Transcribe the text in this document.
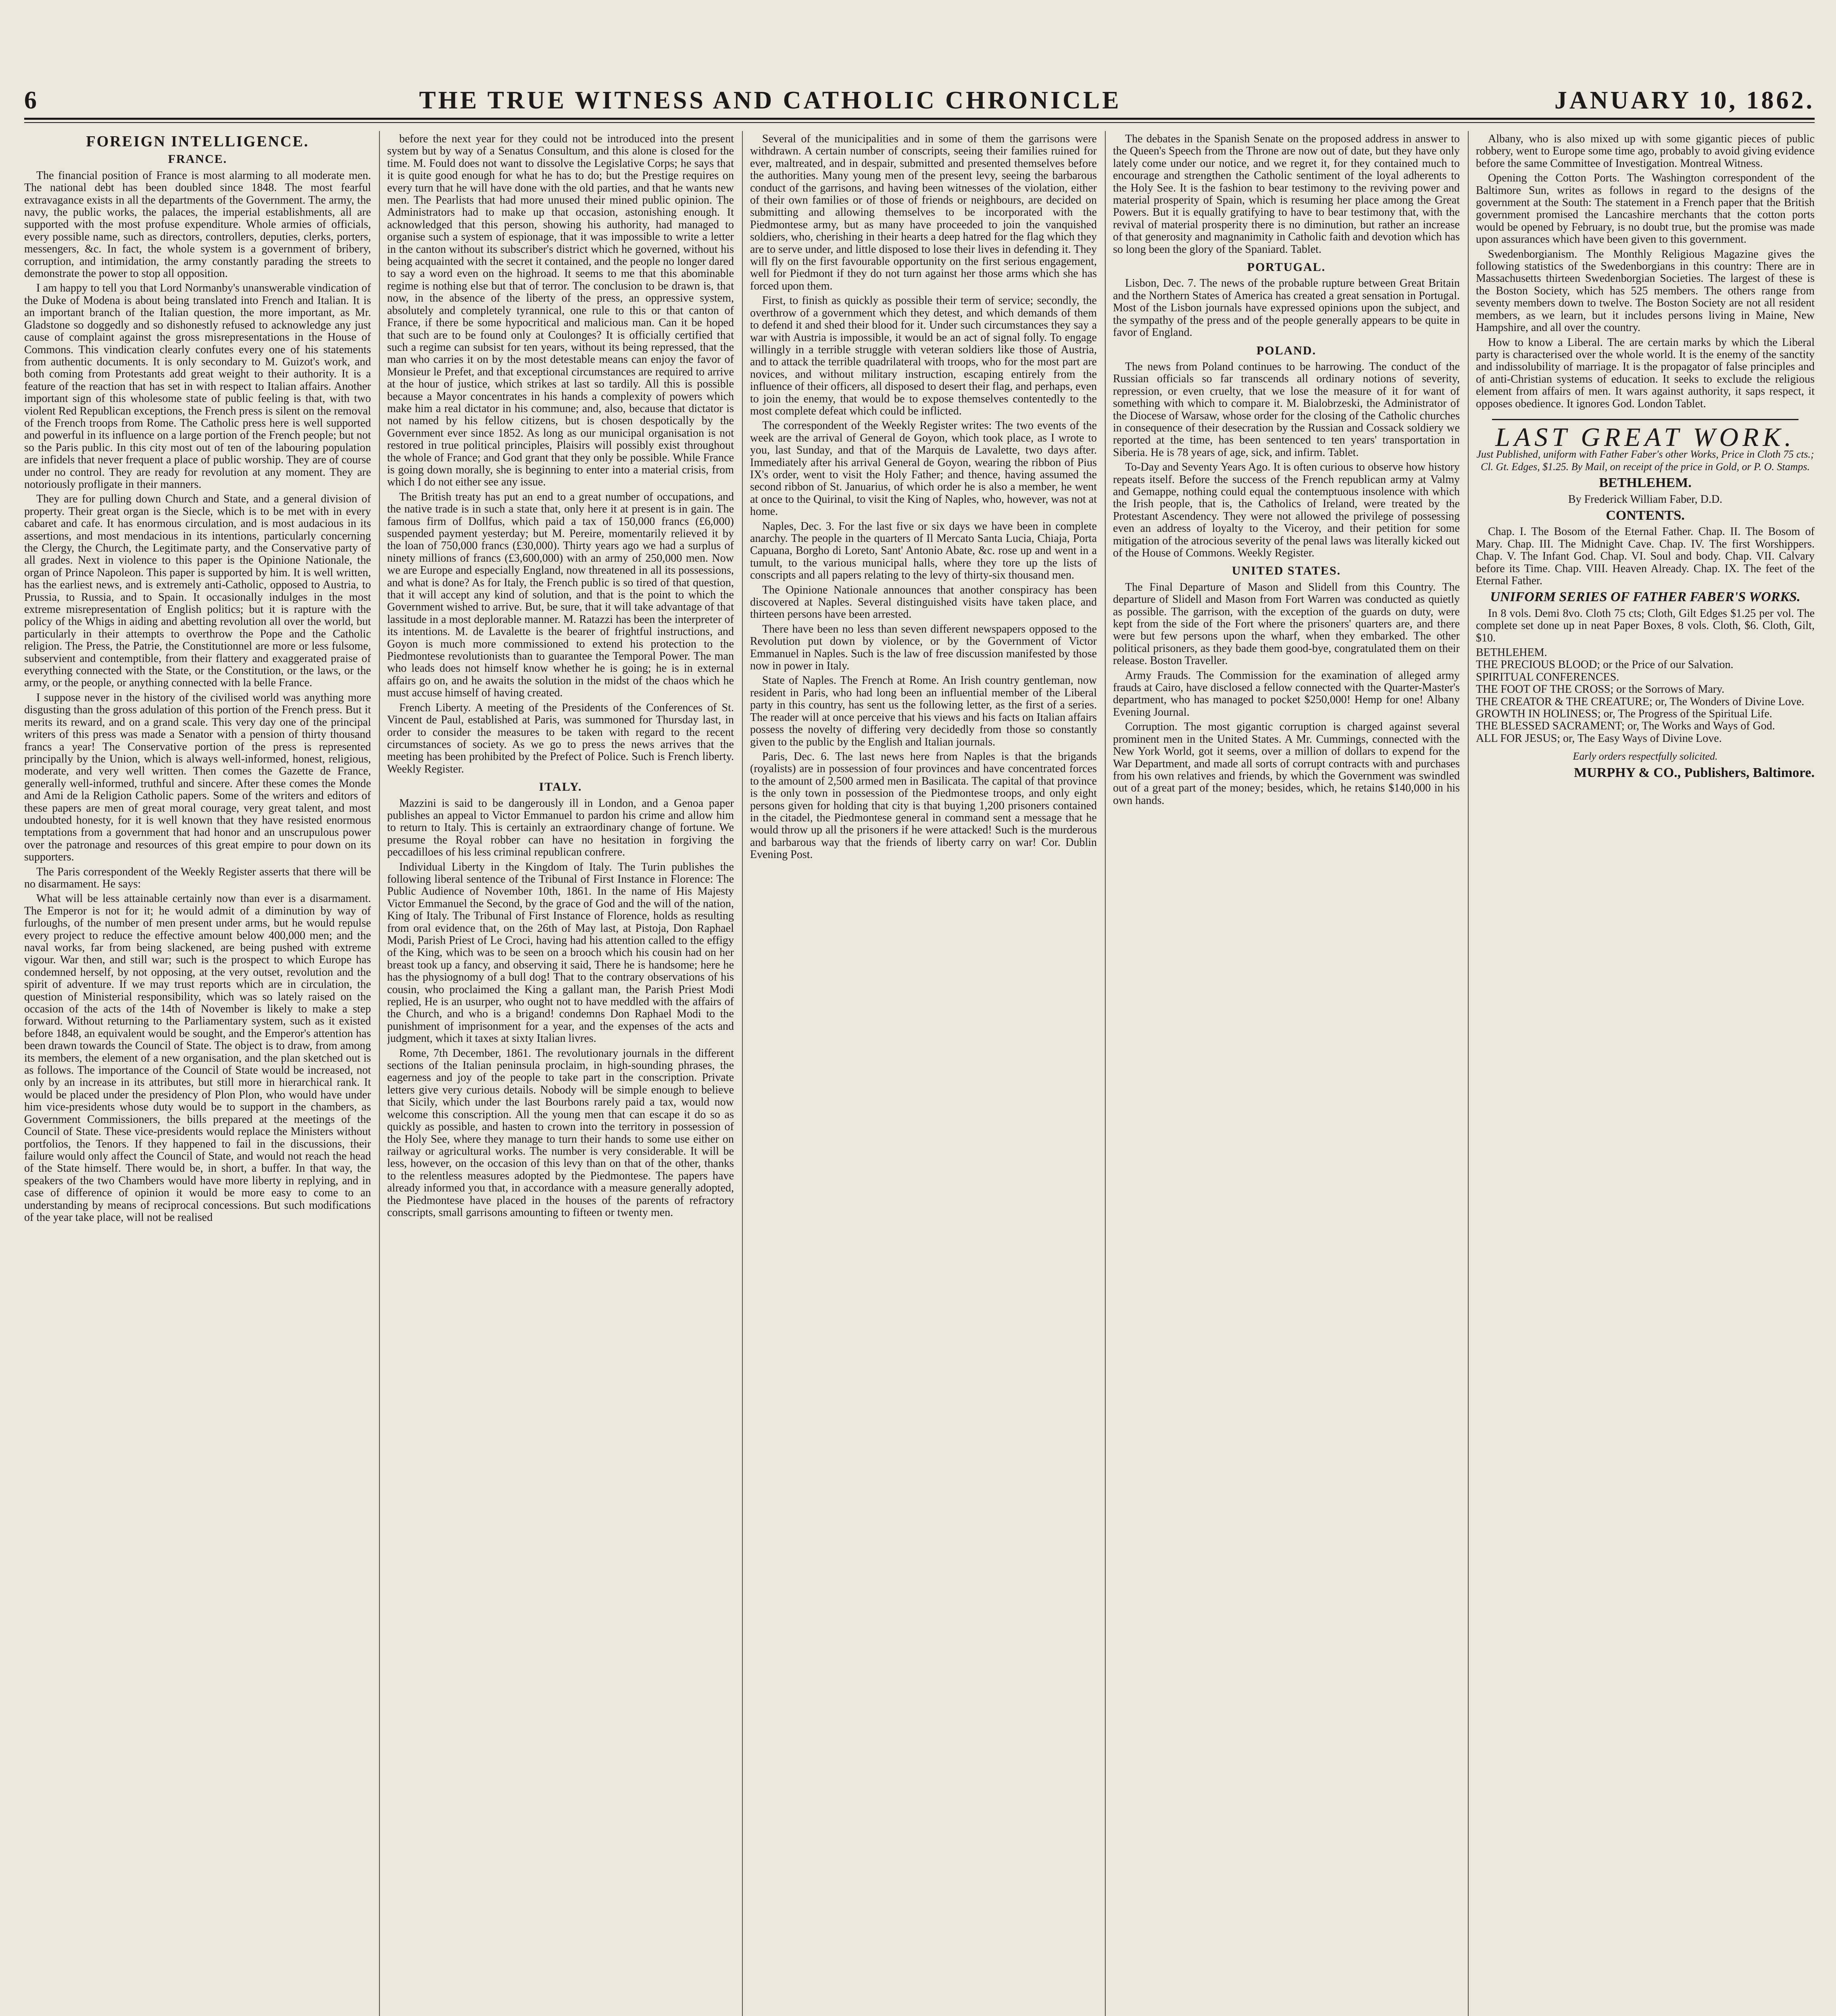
6	THE TRUE WITNESS AND CATHOLIC CHRONICLE	JANUARY 10, 1862.
FOREIGN INTELLIGENCE.
FRANCE.

The financial position of France is most alarming to all moderate men. The national debt has been doubled since 1848. The most fearful extravagance exists in all the departments of the Government. The army, the navy, the public works, the palaces, the imperial establishments, all are supported with the most profuse expenditure. Whole armies of officials, every possible name, such as directors, controllers, deputies, clerks, porters, messengers, &c. In fact, the whole system is a government of bribery, corruption, and intimidation, the army constantly parading the streets to demonstrate the power to stop all opposition.

I am happy to tell you that Lord Normanby's unanswerable vindication of the Duke of Modena is about being translated into French and Italian. It is an important branch of the Italian question, the more important, as Mr. Gladstone so doggedly and so dishonestly refused to acknowledge any just cause of complaint against the gross misrepresentations in the House of Commons. This vindication clearly confutes every one of his statements from authentic documents. It is only secondary to M. Guizot's work, and both coming from Protestants add great weight to their authority. It is a feature of the reaction that has set in with respect to Italian affairs. Another important sign of this wholesome state of public feeling is that, with two violent Red Republican exceptions, the French press is silent on the removal of the French troops from Rome. The Catholic press here is well supported and powerful in its influence on a large portion of the French people; but not so the Paris public. In this city most out of ten of the labouring population are infidels that never frequent a place of public worship. They are of course under no control. They are ready for revolution at any moment. They are notoriously profligate in their manners.

They are for pulling down Church and State, and a general division of property. Their great organ is the Siecle, which is to be met with in every cabaret and cafe. It has enormous circulation, and is most audacious in its assertions, and most mendacious in its intentions, particularly concerning the Clergy, the Church, the Legitimate party, and the Conservative party of all grades. Next in violence to this paper is the Opinione Nationale, the organ of Prince Napoleon. This paper is supported by him. It is well written, has the earliest news, and is extremely anti-Catholic, opposed to Austria, to Prussia, to Russia, and to Spain. It occasionally indulges in the most extreme misrepresentation of English politics; but it is rapture with the policy of the Whigs in aiding and abetting revolution all over the world, but particularly in their attempts to overthrow the Pope and the Catholic religion. The Press, the Patrie, the Constitutionnel are more or less fulsome, subservient and contemptible, from their flattery and exaggerated praise of everything connected with the State, or the Constitution, or the laws, or the army, or the people, or anything connected with la belle France.

I suppose never in the history of the civilised world was anything more disgusting than the gross adulation of this portion of the French press. But it merits its reward, and on a grand scale. This very day one of the principal writers of this press was made a Senator with a pension of thirty thousand francs a year! The Conservative portion of the press is represented principally by the Union, which is always well-informed, honest, religious, moderate, and very well written. Then comes the Gazette de France, generally well-informed, truthful and sincere. After these comes the Monde and Ami de la Religion Catholic papers. Some of the writers and editors of these papers are men of great moral courage, very great talent, and most undoubted honesty, for it is well known that they have resisted enormous temptations from a government that had honor and an unscrupulous power over the patronage and resources of this great empire to pour down on its supporters.

The Paris correspondent of the Weekly Register asserts that there will be no disarmament. He says:

What will be less attainable certainly now than ever is a disarmament. The Emperor is not for it; he would admit of a diminution by way of furloughs, of the number of men present under arms, but he would repulse every project to reduce the effective amount below 400,000 men; and the naval works, far from being slackened, are being pushed with extreme vigour. War then, and still war; such is the prospect to which Europe has condemned herself, by not opposing, at the very outset, revolution and the spirit of adventure. If we may trust reports which are in circulation, the question of Ministerial responsibility, which was so lately raised on the occasion of the acts of the 14th of November is likely to make a step forward. Without returning to the Parliamentary system, such as it existed before 1848, an equivalent would be sought, and the Emperor's attention has been drawn towards the Council of State. The object is to draw, from among its members, the element of a new organisation, and the plan sketched out is as follows. The importance of the Council of State would be increased, not only by an increase in its attributes, but still more in hierarchical rank. It would be placed under the presidency of Plon Plon, who would have under him vice-presidents whose duty would be to support in the chambers, as Government Commissioners, the bills prepared at the meetings of the Council of State. These vice-presidents would replace the Ministers without portfolios, the Tenors. If they happened to fail in the discussions, their failure would only affect the Council of State, and would not reach the head of the State himself. There would be, in short, a buffer. In that way, the speakers of the two Chambers would have more liberty in replying, and in case of difference of opinion it would be more easy to come to an understanding by means of reciprocal concessions. But such modifications of the year take place, will not be realised

before the next year for they could not be introduced into the present system but by way of a Senatus Consultum, and this alone is closed for the time. M. Fould does not want to dissolve the Legislative Corps; he says that it is quite good enough for what he has to do; but the Prestige requires on every turn that he will have done with the old parties, and that he wants new men. The Pearlists that had more unused their mined public opinion. The Administrators had to make up that occasion, astonishing enough. It acknowledged that this person, showing his authority, had managed to organise such a system of espionage, that it was impossible to write a letter in the canton without its subscriber's district which he governed, without his being acquainted with the secret it contained, and the people no longer dared to say a word even on the highroad. It seems to me that this abominable regime is nothing else but that of terror. The conclusion to be drawn is, that now, in the absence of the liberty of the press, an oppressive system, absolutely and completely tyrannical, one rule to this or that canton of France, if there be some hypocritical and malicious man. Can it be hoped that such are to be found only at Coulonges? It is officially certified that such a regime can subsist for ten years, without its being repressed, that the man who carries it on by the most detestable means can enjoy the favor of Monsieur le Prefet, and that exceptional circumstances are required to arrive at the hour of justice, which strikes at last so tardily. All this is possible because a Mayor concentrates in his hands a complexity of powers which make him a real dictator in his commune; and, also, because that dictator is not named by his fellow citizens, but is chosen despotically by the Government ever since 1852. As long as our municipal organisation is not restored in true political principles, Plaisirs will possibly exist throughout the whole of France; and God grant that they only be possible. While France is going down morally, she is beginning to enter into a material crisis, from which I do not either see any issue.

The British treaty has put an end to a great number of occupations, and the native trade is in such a state that, only here it at present is in gain. The famous firm of Dollfus, which paid a tax of 150,000 francs (£6,000) suspended payment yesterday; but M. Pereire, momentarily relieved it by the loan of 750,000 francs (£30,000). Thirty years ago we had a surplus of ninety millions of francs (£3,600,000) with an army of 250,000 men. Now we are Europe and especially England, now threatened in all its possessions, and what is done? As for Italy, the French public is so tired of that question, that it will accept any kind of solution, and that is the point to which the Government wished to arrive. But, be sure, that it will take advantage of that lassitude in a most deplorable manner. M. Ratazzi has been the interpreter of its intentions. M. de Lavalette is the bearer of frightful instructions, and Goyon is much more commissioned to extend his protection to the Piedmontese revolutionists than to guarantee the Temporal Power. The man who leads does not himself know whether he is going; he is in external affairs go on, and he awaits the solution in the midst of the chaos which he must accuse himself of having created.

French Liberty. A meeting of the Presidents of the Conferences of St. Vincent de Paul, established at Paris, was summoned for Thursday last, in order to consider the measures to be taken with regard to the recent circumstances of society. As we go to press the news arrives that the meeting has been prohibited by the Prefect of Police. Such is French liberty. Weekly Register.

ITALY.

Mazzini is said to be dangerously ill in London, and a Genoa paper publishes an appeal to Victor Emmanuel to pardon his crime and allow him to return to Italy. This is certainly an extraordinary change of fortune. We presume the Royal robber can have no hesitation in forgiving the peccadilloes of his less criminal republican confrere.

Individual Liberty in the Kingdom of Italy. The Turin publishes the following liberal sentence of the Tribunal of First Instance in Florence: The Public Audience of November 10th, 1861. In the name of His Majesty Victor Emmanuel the Second, by the grace of God and the will of the nation, King of Italy. The Tribunal of First Instance of Florence, holds as resulting from oral evidence that, on the 26th of May last, at Pistoja, Don Raphael Modi, Parish Priest of Le Croci, having had his attention called to the effigy of the King, which was to be seen on a brooch which his cousin had on her breast took up a fancy, and observing it said, There he is handsome; here he has the physiognomy of a bull dog! That to the contrary observations of his cousin, who proclaimed the King a gallant man, the Parish Priest Modi replied, He is an usurper, who ought not to have meddled with the affairs of the Church, and who is a brigand! condemns Don Raphael Modi to the punishment of imprisonment for a year, and the expenses of the acts and judgment, which it taxes at sixty Italian livres.

Rome, 7th December, 1861. The revolutionary journals in the different sections of the Italian peninsula proclaim, in high-sounding phrases, the eagerness and joy of the people to take part in the conscription. Private letters give very curious details. Nobody will be simple enough to believe that Sicily, which under the last Bourbons rarely paid a tax, would now welcome this conscription. All the young men that can escape it do so as quickly as possible, and hasten to crown into the territory in possession of the Holy See, where they manage to turn their hands to some use either on railway or agricultural works. The number is very considerable. It will be less, however, on the occasion of this levy than on that of the other, thanks to the relentless measures adopted by the Piedmontese. The papers have already informed you that, in accordance with a measure generally adopted, the Piedmontese have placed in the houses of the parents of refractory conscripts, small garrisons amounting to fifteen or twenty men.

Several of the municipalities and in some of them the garrisons were withdrawn. A certain number of conscripts, seeing their families ruined for ever, maltreated, and in despair, submitted and presented themselves before the authorities. Many young men of the present levy, seeing the barbarous conduct of the garrisons, and having been witnesses of the violation, either of their own families or of those of friends or neighbours, are decided on submitting and allowing themselves to be incorporated with the Piedmontese army, but as many have proceeded to join the vanquished soldiers, who, cherishing in their hearts a deep hatred for the flag which they are to serve under, and little disposed to lose their lives in defending it. They will fly on the first favourable opportunity on the first serious engagement, well for Piedmont if they do not turn against her those arms which she has forced upon them.

First, to finish as quickly as possible their term of service; secondly, the overthrow of a government which they detest, and which demands of them to defend it and shed their blood for it. Under such circumstances they say a war with Austria is impossible, it would be an act of signal folly. To engage willingly in a terrible struggle with veteran soldiers like those of Austria, and to attack the terrible quadrilateral with troops, who for the most part are novices, and without military instruction, escaping entirely from the influence of their officers, all disposed to desert their flag, and perhaps, even to join the enemy, that would be to expose themselves contentedly to the most complete defeat which could be inflicted.

The correspondent of the Weekly Register writes: The two events of the week are the arrival of General de Goyon, which took place, as I wrote to you, last Sunday, and that of the Marquis de Lavalette, two days after. Immediately after his arrival General de Goyon, wearing the ribbon of Pius IX's order, went to visit the Holy Father; and thence, having assumed the second ribbon of St. Januarius, of which order he is also a member, he went at once to the Quirinal, to visit the King of Naples, who, however, was not at home.

Naples, Dec. 3. For the last five or six days we have been in complete anarchy. The people in the quarters of Il Mercato Santa Lucia, Chiaja, Porta Capuana, Borgho di Loreto, Sant' Antonio Abate, &c. rose up and went in a tumult, to the various municipal halls, where they tore up the lists of conscripts and all papers relating to the levy of thirty-six thousand men.

The Opinione Nationale announces that another conspiracy has been discovered at Naples. Several distinguished visits have taken place, and thirteen persons have been arrested.

There have been no less than seven different newspapers opposed to the Revolution put down by violence, or by the Government of Victor Emmanuel in Naples. Such is the law of free discussion manifested by those now in power in Italy.

State of Naples. The French at Rome. An Irish country gentleman, now resident in Paris, who had long been an influential member of the Liberal party in this country, has sent us the following letter, as the first of a series. The reader will at once perceive that his views and his facts on Italian affairs possess the novelty of differing very decidedly from those so constantly given to the public by the English and Italian journals.

Paris, Dec. 6. The last news here from Naples is that the brigands (royalists) are in possession of four provinces and have concentrated forces to the amount of 2,500 armed men in Basilicata. The capital of that province is the only town in possession of the Piedmontese troops, and only eight persons given for holding that city is that buying 1,200 prisoners contained in the citadel, the Piedmontese general in command sent a message that he would throw up all the prisoners if he were attacked! Such is the murderous and barbarous way that the friends of liberty carry on war! Cor. Dublin Evening Post.

The debates in the Spanish Senate on the proposed address in answer to the Queen's Speech from the Throne are now out of date, but they have only lately come under our notice, and we regret it, for they contained much to encourage and strengthen the Catholic sentiment of the loyal adherents to the Holy See. It is the fashion to bear testimony to the reviving power and material prosperity of Spain, which is resuming her place among the Great Powers. But it is equally gratifying to have to bear testimony that, with the revival of material prosperity there is no diminution, but rather an increase of that generosity and magnanimity in Catholic faith and devotion which has so long been the glory of the Spaniard. Tablet.

PORTUGAL.

Lisbon, Dec. 7. The news of the probable rupture between Great Britain and the Northern States of America has created a great sensation in Portugal. Most of the Lisbon journals have expressed opinions upon the subject, and the sympathy of the press and of the people generally appears to be quite in favor of England.

POLAND.

The news from Poland continues to be harrowing. The conduct of the Russian officials so far transcends all ordinary notions of severity, repression, or even cruelty, that we lose the measure of it for want of something with which to compare it. M. Bialobrzeski, the Administrator of the Diocese of Warsaw, whose order for the closing of the Catholic churches in consequence of their desecration by the Russian and Cossack soldiery we reported at the time, has been sentenced to ten years' transportation in Siberia. He is 78 years of age, sick, and infirm. Tablet.

To-Day and Seventy Years Ago. It is often curious to observe how history repeats itself. Before the success of the French republican army at Valmy and Gemappe, nothing could equal the contemptuous insolence with which the Irish people, that is, the Catholics of Ireland, were treated by the Protestant Ascendency. They were not allowed the privilege of possessing even an address of loyalty to the Viceroy, and their petition for some mitigation of the atrocious severity of the penal laws was literally kicked out of the House of Commons. Weekly Register.

UNITED STATES.

The Final Departure of Mason and Slidell from this Country. The departure of Slidell and Mason from Fort Warren was conducted as quietly as possible. The garrison, with the exception of the guards on duty, were kept from the side of the Fort where the prisoners' quarters are, and there were but few persons upon the wharf, when they embarked. The other political prisoners, as they bade them good-bye, congratulated them on their release. Boston Traveller.

Army Frauds. The Commission for the examination of alleged army frauds at Cairo, have disclosed a fellow connected with the Quarter-Master's department, who has managed to pocket $250,000! Hemp for one! Albany Evening Journal.

Corruption. The most gigantic corruption is charged against several prominent men in the United States. A Mr. Cummings, connected with the New York World, got it seems, over a million of dollars to expend for the War Department, and made all sorts of corrupt contracts with and purchases from his own relatives and friends, by which the Government was swindled out of a great part of the money; besides, which, he retains $140,000 in his own hands.

Albany, who is also mixed up with some gigantic pieces of public robbery, went to Europe some time ago, probably to avoid giving evidence before the same Committee of Investigation. Montreal Witness.

Opening the Cotton Ports. The Washington correspondent of the Baltimore Sun, writes as follows in regard to the designs of the government at the South: The statement in a French paper that the British government promised the Lancashire merchants that the cotton ports would be opened by February, is no doubt true, but the promise was made upon assurances which have been given to this government.

Swedenborgianism. The Monthly Religious Magazine gives the following statistics of the Swedenborgians in this country: There are in Massachusetts thirteen Swedenborgian Societies. The largest of these is the Boston Society, which has 525 members. The others range from seventy members down to twelve. The Boston Society are not all resident members, as we learn, but it includes persons living in Maine, New Hampshire, and all over the country.

How to know a Liberal. The are certain marks by which the Liberal party is characterised over the whole world. It is the enemy of the sanctity and indissolubility of marriage. It is the propagator of false principles and of anti-Christian systems of education. It seeks to exclude the religious element from affairs of men. It wars against authority, it saps respect, it opposes obedience. It ignores God. London Tablet.

LAST GREAT WORK.
Just Published, uniform with Father Faber's other Works, Price in Cloth 75 cts.; Cl. Gt. Edges, $1.25. By Mail, on receipt of the price in Gold, or P. O. Stamps.
BETHLEHEM.
By Frederick William Faber, D.D.
CONTENTS.

Chap. I. The Bosom of the Eternal Father. Chap. II. The Bosom of Mary. Chap. III. The Midnight Cave. Chap. IV. The first Worshippers. Chap. V. The Infant God. Chap. VI. Soul and body. Chap. VII. Calvary before its Time. Chap. VIII. Heaven Already. Chap. IX. The feet of the Eternal Father.

UNIFORM SERIES OF FATHER FABER'S WORKS.

In 8 vols. Demi 8vo. Cloth 75 cts; Cloth, Gilt Edges $1.25 per vol. The complete set done up in neat Paper Boxes, 8 vols. Cloth, $6. Cloth, Gilt, $10.

BETHLEHEM.
THE PRECIOUS BLOOD; or the Price of our Salvation.
SPIRITUAL CONFERENCES.
THE FOOT OF THE CROSS; or the Sorrows of Mary.
THE CREATOR & THE CREATURE; or, The Wonders of Divine Love.
GROWTH IN HOLINESS; or, The Progress of the Spiritual Life.
THE BLESSED SACRAMENT; or, The Works and Ways of God.
ALL FOR JESUS; or, The Easy Ways of Divine Love.
Early orders respectfully solicited.
MURPHY & CO., Publishers, Baltimore.
